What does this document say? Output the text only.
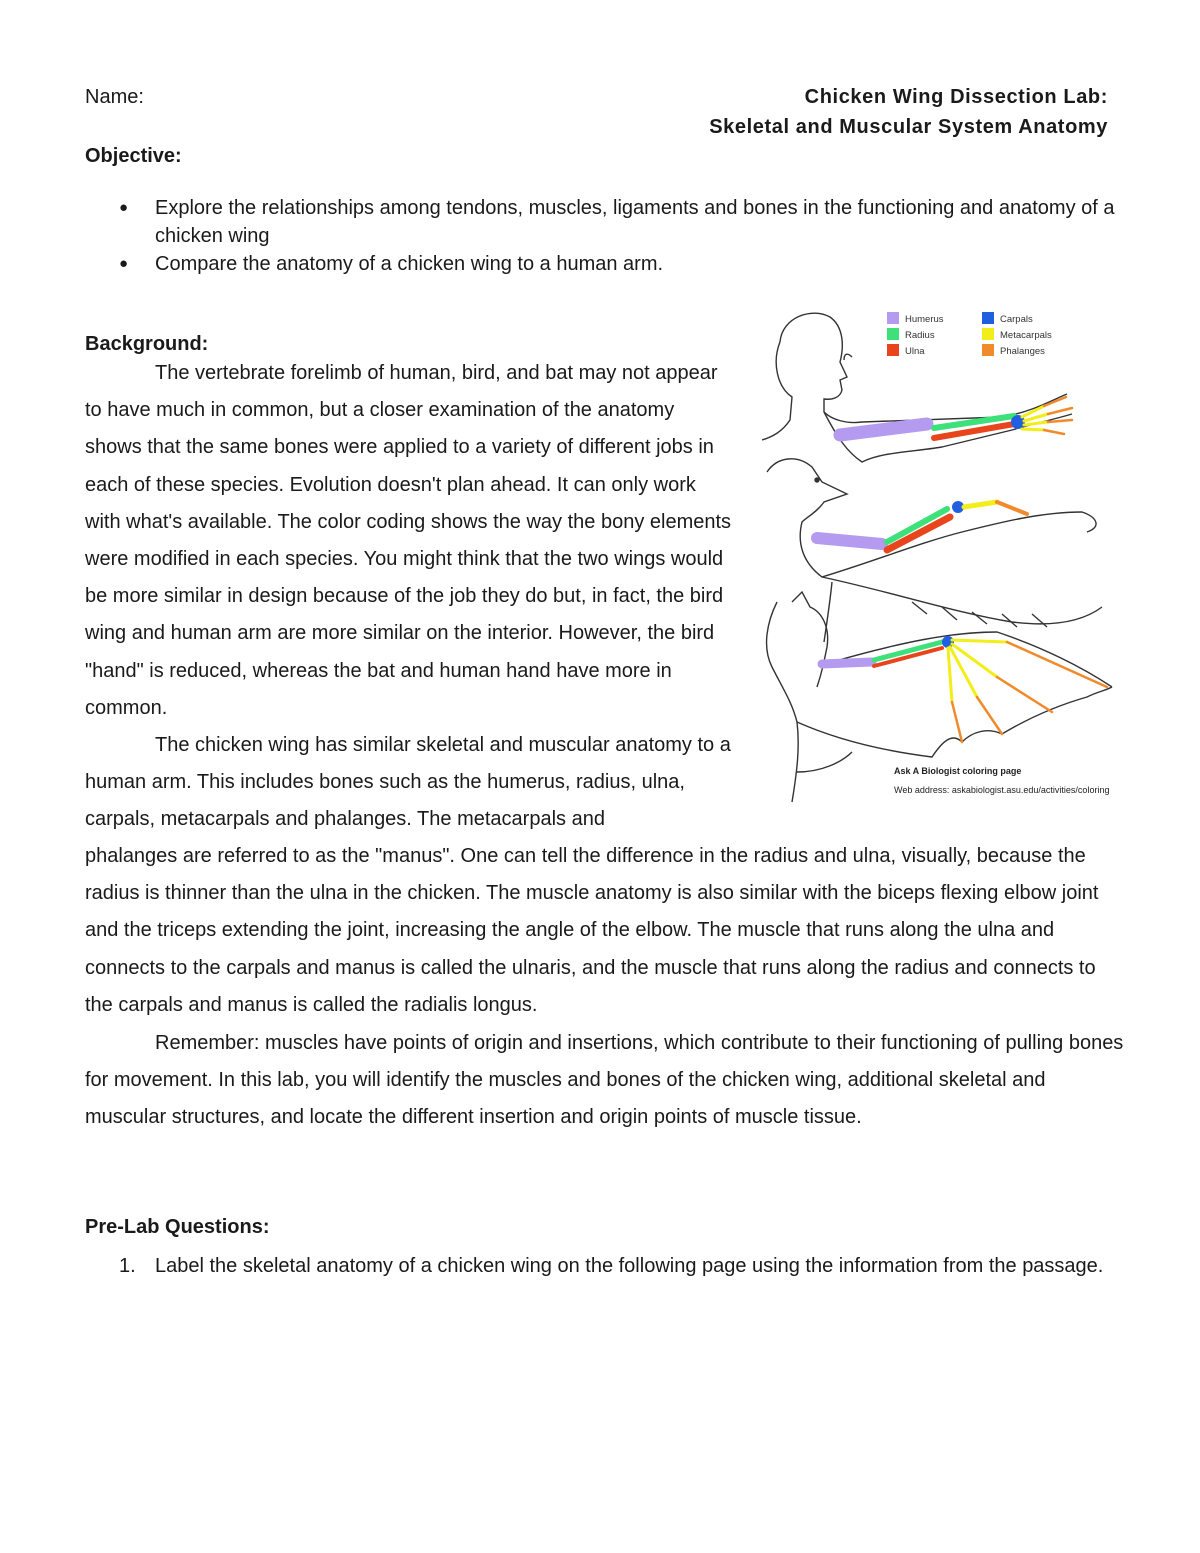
Name:	Chicken Wing Dissection Lab:
Skeletal and Muscular System Anatomy
Objective:
● Explore the relationships among tendons, muscles, ligaments and bones in the functioning and anatomy of a chicken wing
● Compare the anatomy of a chicken wing to a human arm.
Background:
The vertebrate forelimb of human, bird, and bat may not appear to have much in common, but a closer examination of the anatomy shows that the same bones were applied to a variety of different jobs in each of these species. Evolution doesn't plan ahead. It can only work with what's available. The color coding shows the way the bony elements were modified in each species. You might think that the two wings would be more similar in design because of the job they do but, in fact, the bird wing and human arm are more similar on the interior. However, the bird "hand" is reduced, whereas the bat and human hand have more in common.
The chicken wing has similar skeletal and muscular anatomy to a human arm. This includes bones such as the humerus, radius, ulna, carpals, metacarpals and phalanges. The metacarpals and
phalanges are referred to as the "manus". One can tell the difference in the radius and ulna, visually, because the radius is thinner than the ulna in the chicken. The muscle anatomy is also similar with the biceps flexing elbow joint and the triceps extending the joint, increasing the angle of the elbow. The muscle that runs along the ulna and connects to the carpals and manus is called the ulnaris, and the muscle that runs along the radius and connects to the carpals and manus is called the radialis longus.
Remember: muscles have points of origin and insertions, which contribute to their functioning of pulling bones for movement. In this lab, you will identify the muscles and bones of the chicken wing, additional skeletal and muscular structures, and locate the different insertion and origin points of muscle tissue.
Pre-Lab Questions:
1. Label the skeletal anatomy of a chicken wing on the following page using the information from the passage.
Humerus
Radius
Ulna
Carpals
Metacarpals
Phalanges
Ask A Biologist coloring page
Web address: askabiologist.asu.edu/activities/coloring
